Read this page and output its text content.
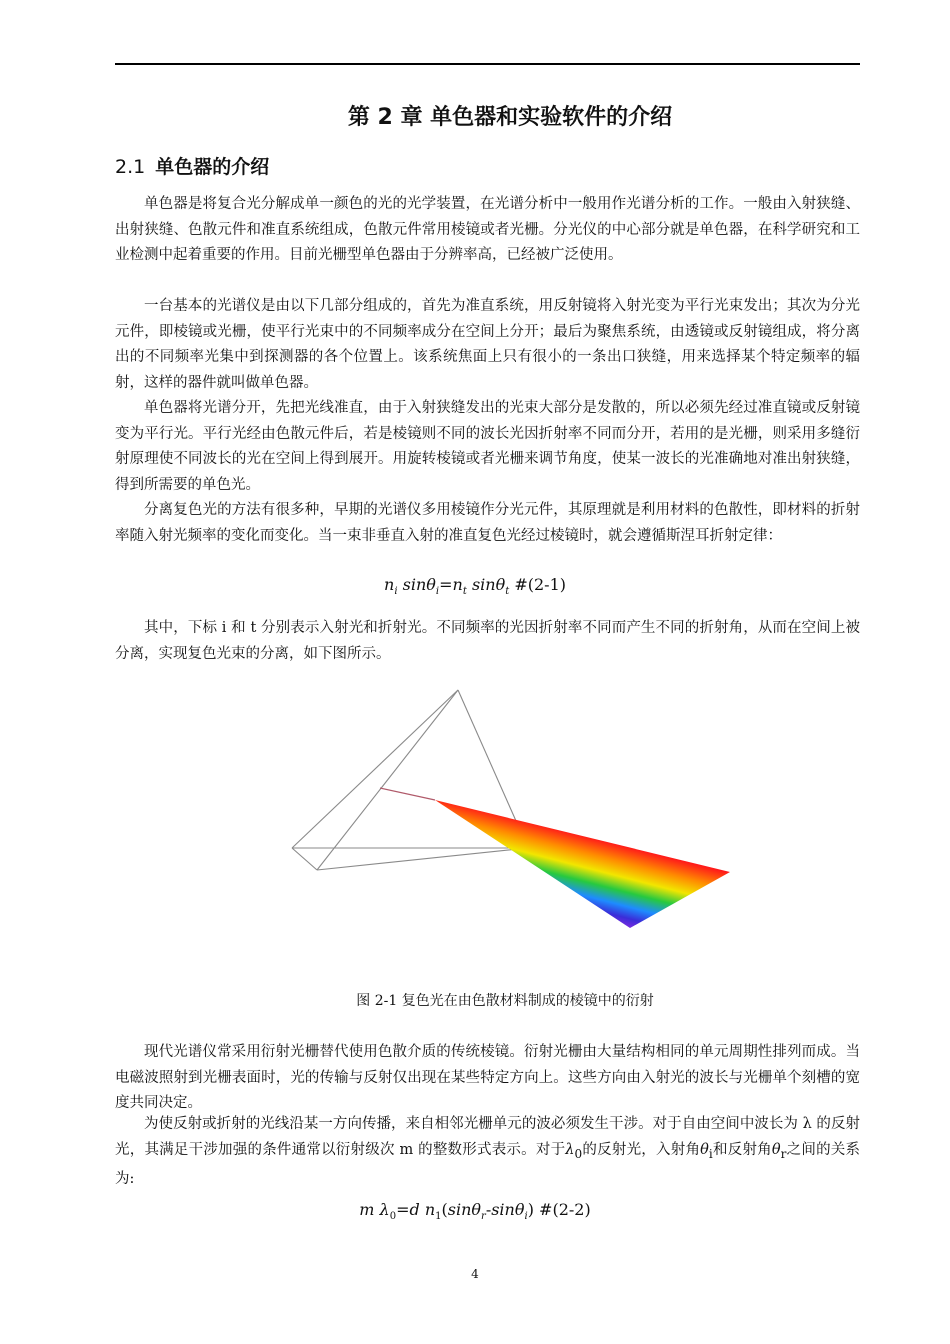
第 2 章 单色器和实验软件的介绍
2.1 单色器的介绍

单色器是将复合光分解成单一颜色的光的光学装置，在光谱分析中一般用作光谱分析的工作。一般由入射狭缝、出射狭缝、色散元件和准直系统组成，色散元件常用棱镜或者光栅。分光仪的中心部分就是单色器，在科学研究和工业检测中起着重要的作用。目前光栅型单色器由于分辨率高，已经被广泛使用。

一台基本的光谱仪是由以下几部分组成的，首先为准直系统，用反射镜将入射光变为平行光束发出；其次为分光元件，即棱镜或光栅，使平行光束中的不同频率成分在空间上分开；最后为聚焦系统，由透镜或反射镜组成，将分离出的不同频率光集中到探测器的各个位置上。该系统焦面上只有很小的一条出口狭缝，用来选择某个特定频率的辐射，这样的器件就叫做单色器。

单色器将光谱分开，先把光线准直，由于入射狭缝发出的光束大部分是发散的，所以必须先经过准直镜或反射镜变为平行光。平行光经由色散元件后，若是棱镜则不同的波长光因折射率不同而分开，若用的是光栅，则采用多缝衍射原理使不同波长的光在空间上得到展开。用旋转棱镜或者光栅来调节角度，使某一波长的光准确地对准出射狭缝，得到所需要的单色光。

分离复色光的方法有很多种，早期的光谱仪多用棱镜作分光元件，其原理就是利用材料的色散性，即材料的折射率随入射光频率的变化而变化。当一束非垂直入射的准直复色光经过棱镜时，就会遵循斯涅耳折射定律：

$n_i$ $\sin\theta_i=n_t$ sinθ$_t$ #(2-1)

其中，下标 i 和 t 分别表示入射光和折射光。不同频率的光因折射率不同而产生不同的折射角，从而在空间上被分离，实现复色光束的分离，如下图所示。

图 2-1 复色光在由色散材料制成的棱镜中的衍射

现代光谱仪常采用衍射光栅替代使用色散介质的传统棱镜。衍射光栅由大量结构相同的单元周期性排列而成。当电磁波照射到光栅表面时，光的传输与反射仅出现在某些特定方向上。这些方向由入射光的波长与光栅单个刻槽的宽度共同决定。

为使反射或折射的光线沿某一方向传播，来自相邻光栅单元的波必须发生干涉。对于自由空间中波长为 λ 的反射光，其满足干涉加强的条件通常以衍射级次 m 的整数形式表示。对于$\lambda_0$的反射光，入射角$\theta_i$和反射角$\theta_r$之间的关系为:

m $\lambda_0=d$ $n_1(\sin\theta_r-\sin\theta_i)$ #(2-2)
4
